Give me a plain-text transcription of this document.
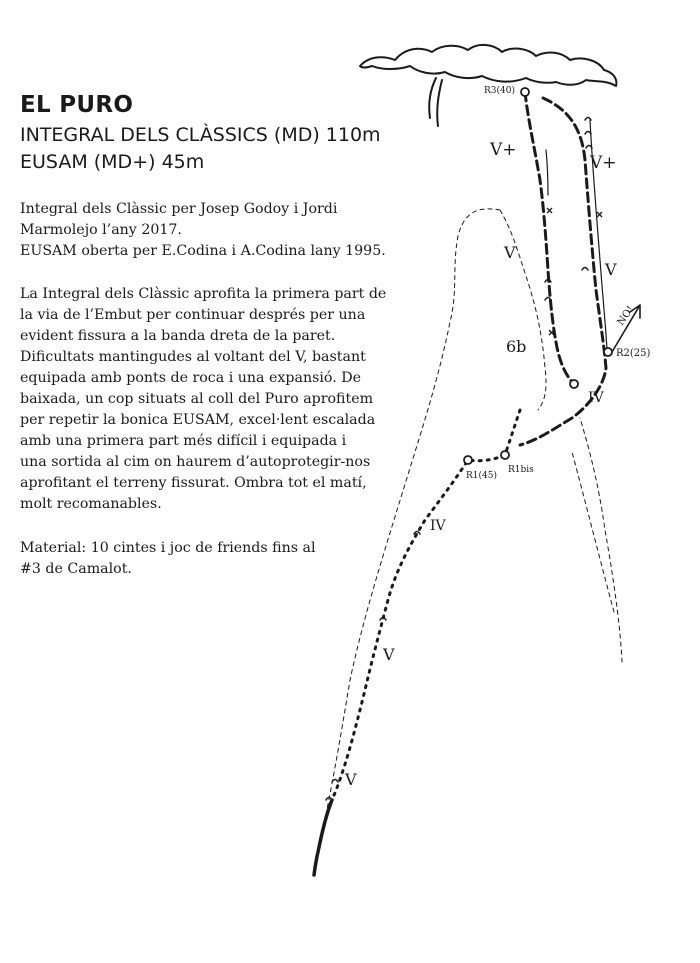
EL PURO

INTEGRAL DELS CLÀSSICS (MD) 110m

EUSAM (MD+) 45m

Integral dels Clàssic per Josep Godoy i Jordi
Marmolejo l’any 2017.
EUSAM oberta per E.Codina i A.Codina lany 1995.

La Integral dels Clàssic aprofita la primera part de
la via de l’Embut per continuar després per una
evident fissura a la banda dreta de la paret.
Dificultats mantingudes al voltant del V, bastant
equipada amb ponts de roca i una expansió. De
baixada, un cop situats al coll del Puro aprofitem
per repetir la bonica EUSAM, excel·lent escalada
amb una primera part més difícil i equipada i
una sortida al cim on haurem d’autoprotegir-nos
aprofitant el terreny fissurat. Ombra tot el matí,
molt recomanables.

Material: 10 cintes i joc de friends fins al
#3 de Camalot.

R3(40)
R2(25)
R1(45)
R1bis
V+
V+
V
V
6b
IV
IV
V
V
NO!
